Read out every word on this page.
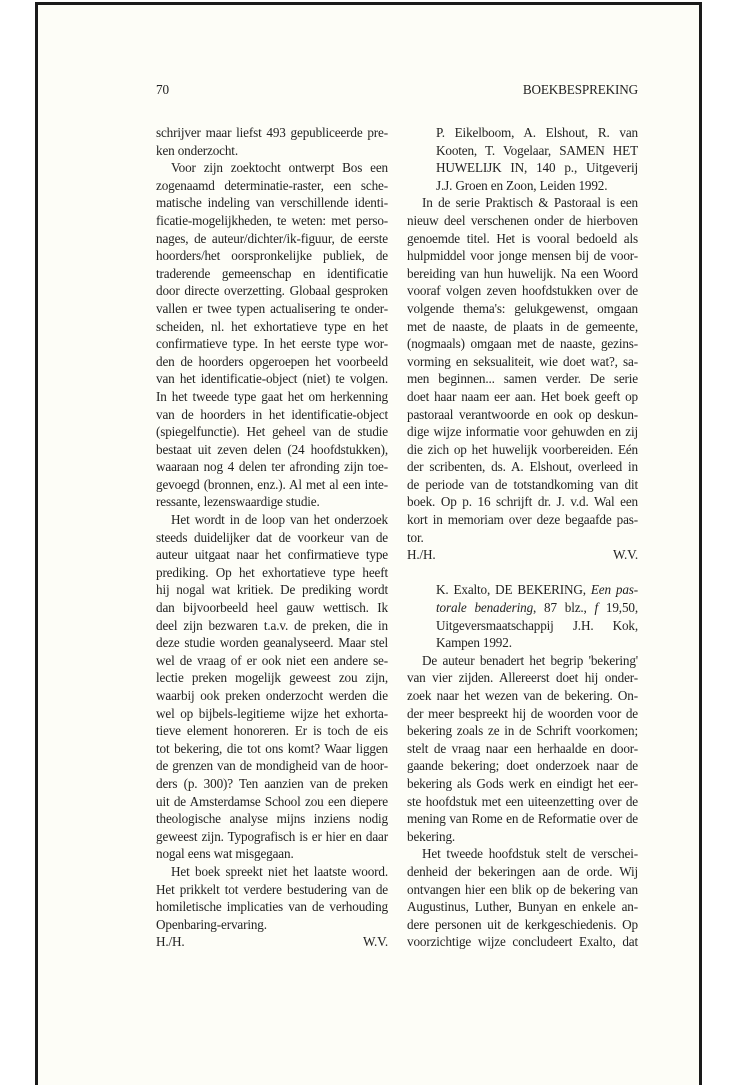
70	BOEKBESPREKING
schrijver maar liefst 493 gepubliceerde pre-
ken onderzocht.
Voor zijn zoektocht ontwerpt Bos een
zogenaamd determinatie-raster, een sche-
matische indeling van verschillende identi-
ficatie-mogelijkheden, te weten: met perso-
nages, de auteur/dichter/ik-figuur, de eerste
hoorders/het oorspronkelijke publiek, de
traderende gemeenschap en identificatie
door directe overzetting. Globaal gesproken
vallen er twee typen actualisering te onder-
scheiden, nl. het exhortatieve type en het
confirmatieve type. In het eerste type wor-
den de hoorders opgeroepen het voorbeeld
van het identificatie-object (niet) te volgen.
In het tweede type gaat het om herkenning
van de hoorders in het identificatie-object
(spiegelfunctie). Het geheel van de studie
bestaat uit zeven delen (24 hoofdstukken),
waaraan nog 4 delen ter afronding zijn toe-
gevoegd (bronnen, enz.). Al met al een inte-
ressante, lezenswaardige studie.
Het wordt in de loop van het onderzoek
steeds duidelijker dat de voorkeur van de
auteur uitgaat naar het confirmatieve type
prediking. Op het exhortatieve type heeft
hij nogal wat kritiek. De prediking wordt
dan bijvoorbeeld heel gauw wettisch. Ik
deel zijn bezwaren t.a.v. de preken, die in
deze studie worden geanalyseerd. Maar stel
wel de vraag of er ook niet een andere se-
lectie preken mogelijk geweest zou zijn,
waarbij ook preken onderzocht werden die
wel op bijbels-legitieme wijze het exhorta-
tieve element honoreren. Er is toch de eis
tot bekering, die tot ons komt? Waar liggen
de grenzen van de mondigheid van de hoor-
ders (p. 300)? Ten aanzien van de preken
uit de Amsterdamse School zou een diepere
theologische analyse mijns inziens nodig
geweest zijn. Typografisch is er hier en daar
nogal eens wat misgegaan.
Het boek spreekt niet het laatste woord.
Het prikkelt tot verdere bestudering van de
homiletische implicaties van de verhouding
Openbaring-ervaring.
H./H.	W.V.
P. Eikelboom, A. Elshout, R. van
Kooten, T. Vogelaar, SAMEN HET
HUWELIJK IN, 140 p., Uitgeverij
J.J. Groen en Zoon, Leiden 1992.
In de serie Praktisch & Pastoraal is een
nieuw deel verschenen onder de hierboven
genoemde titel. Het is vooral bedoeld als
hulpmiddel voor jonge mensen bij de voor-
bereiding van hun huwelijk. Na een Woord
vooraf volgen zeven hoofdstukken over de
volgende thema's: gelukgewenst, omgaan
met de naaste, de plaats in de gemeente,
(nogmaals) omgaan met de naaste, gezins-
vorming en seksualiteit, wie doet wat?, sa-
men beginnen... samen verder. De serie
doet haar naam eer aan. Het boek geeft op
pastoraal verantwoorde en ook op deskun-
dige wijze informatie voor gehuwden en zij
die zich op het huwelijk voorbereiden. Eén
der scribenten, ds. A. Elshout, overleed in
de periode van de totstandkoming van dit
boek. Op p. 16 schrijft dr. J. v.d. Wal een
kort in memoriam over deze begaafde pas-
tor.
H./H.	W.V.
K. Exalto, DE BEKERING, Een pas-
torale benadering, 87 blz., f 19,50,
Uitgeversmaatschappij J.H. Kok,
Kampen 1992.
De auteur benadert het begrip 'bekering'
van vier zijden. Allereerst doet hij onder-
zoek naar het wezen van de bekering. On-
der meer bespreekt hij de woorden voor de
bekering zoals ze in de Schrift voorkomen;
stelt de vraag naar een herhaalde en door-
gaande bekering; doet onderzoek naar de
bekering als Gods werk en eindigt het eer-
ste hoofdstuk met een uiteenzetting over de
mening van Rome en de Reformatie over de
bekering.
Het tweede hoofdstuk stelt de verschei-
denheid der bekeringen aan de orde. Wij
ontvangen hier een blik op de bekering van
Augustinus, Luther, Bunyan en enkele an-
dere personen uit de kerkgeschiedenis. Op
voorzichtige wijze concludeert Exalto, dat
